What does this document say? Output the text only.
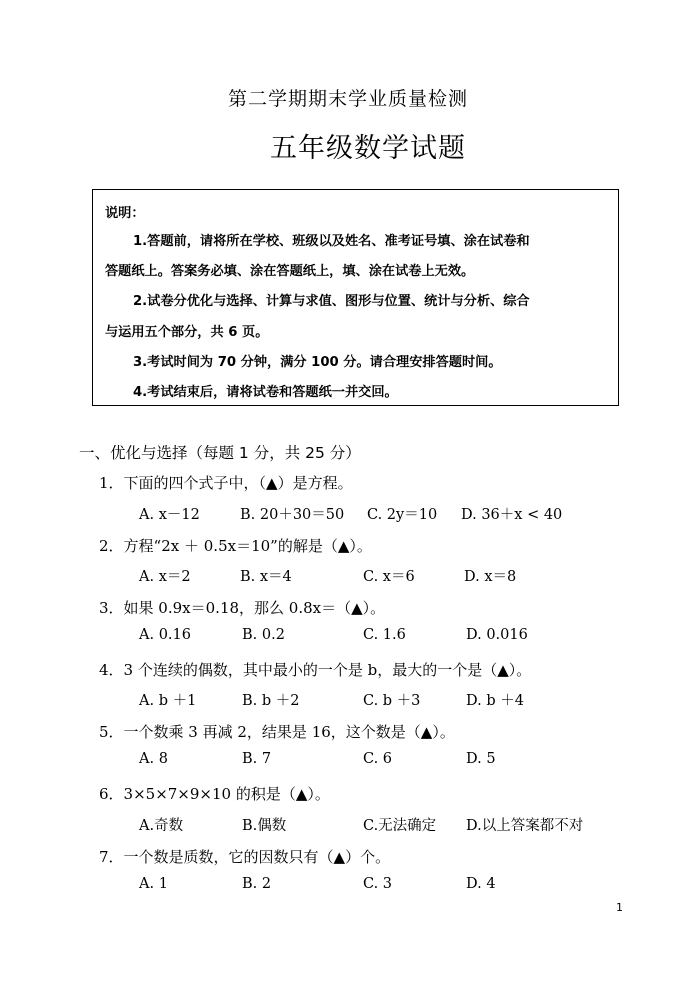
第二学期期末学业质量检测
五年级数学试题
说明：
1.答题前，请将所在学校、班级以及姓名、准考证号填、涂在试卷和
答题纸上。答案务必填、涂在答题纸上，填、涂在试卷上无效。
2.试卷分优化与选择、计算与求值、图形与位置、统计与分析、综合
与运用五个部分，共 6 页。
3.考试时间为 70 分钟，满分 100 分。请合理安排答题时间。
4.考试结束后，请将试卷和答题纸一并交回。
一、优化与选择（每题 1 分，共 25 分）
1．下面的四个式子中，（▲）是方程。
A. x－12	B. 20＋30＝50 C. 2y＝10 D. 36＋x < 40
2．方程“2x ＋ 0.5x＝10”的解是（▲）。
A. x＝2	B. x＝4	C. x＝6	D. x＝8
3．如果 0.9x＝0.18，那么 0.8x＝（▲）。
A. 0.16	B. 0.2	C. 1.6	D. 0.016
4．3 个连续的偶数，其中最小的一个是 b，最大的一个是（▲）。
A. b ＋1	B. b ＋2	C. b ＋3	D. b ＋4
5．一个数乘 3 再减 2，结果是 16，这个数是（▲）。
A. 8	B. 7	C. 6	D. 5
6．3×5×7×9×10 的积是（▲）。
A.奇数	B.偶数	C.无法确定 D.以上答案都不对
7．一个数是质数，它的因数只有（▲）个。
A. 1	B. 2	C. 3	D. 4
1
